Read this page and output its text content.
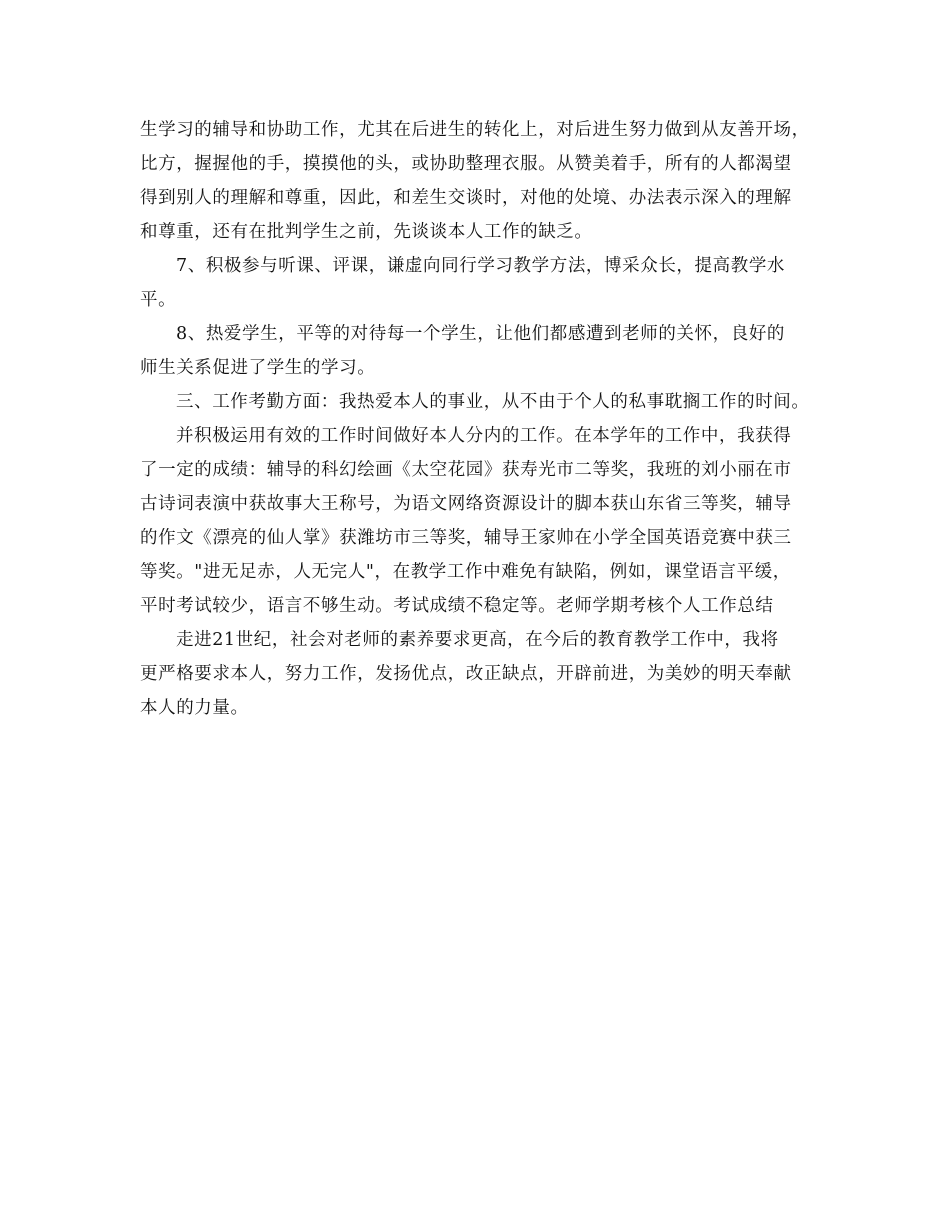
生学习的辅导和协助工作，尤其在后进生的转化上，对后进生努力做到从友善开场，
比方，握握他的手，摸摸他的头，或协助整理衣服。从赞美着手，所有的人都渴望
得到别人的理解和尊重，因此，和差生交谈时，对他的处境、办法表示深入的理解
和尊重，还有在批判学生之前，先谈谈本人工作的缺乏。
7、积极参与听课、评课，谦虚向同行学习教学方法，博采众长，提高教学水
平。
8、热爱学生，平等的对待每一个学生，让他们都感遭到老师的关怀，良好的
师生关系促进了学生的学习。
三、工作考勤方面：我热爱本人的事业，从不由于个人的私事耽搁工作的时间。
并积极运用有效的工作时间做好本人分内的工作。在本学年的工作中，我获得
了一定的成绩：辅导的科幻绘画《太空花园》获寿光市二等奖，我班的刘小丽在市
古诗词表演中获故事大王称号，为语文网络资源设计的脚本获山东省三等奖，辅导
的作文《漂亮的仙人掌》获潍坊市三等奖，辅导王家帅在小学全国英语竞赛中获三
等奖。"进无足赤，人无完人"，在教学工作中难免有缺陷，例如，课堂语言平缓，
平时考试较少，语言不够生动。考试成绩不稳定等。老师学期考核个人工作总结
走进21世纪，社会对老师的素养要求更高，在今后的教育教学工作中，我将
更严格要求本人，努力工作，发扬优点，改正缺点，开辟前进，为美妙的明天奉献
本人的力量。
